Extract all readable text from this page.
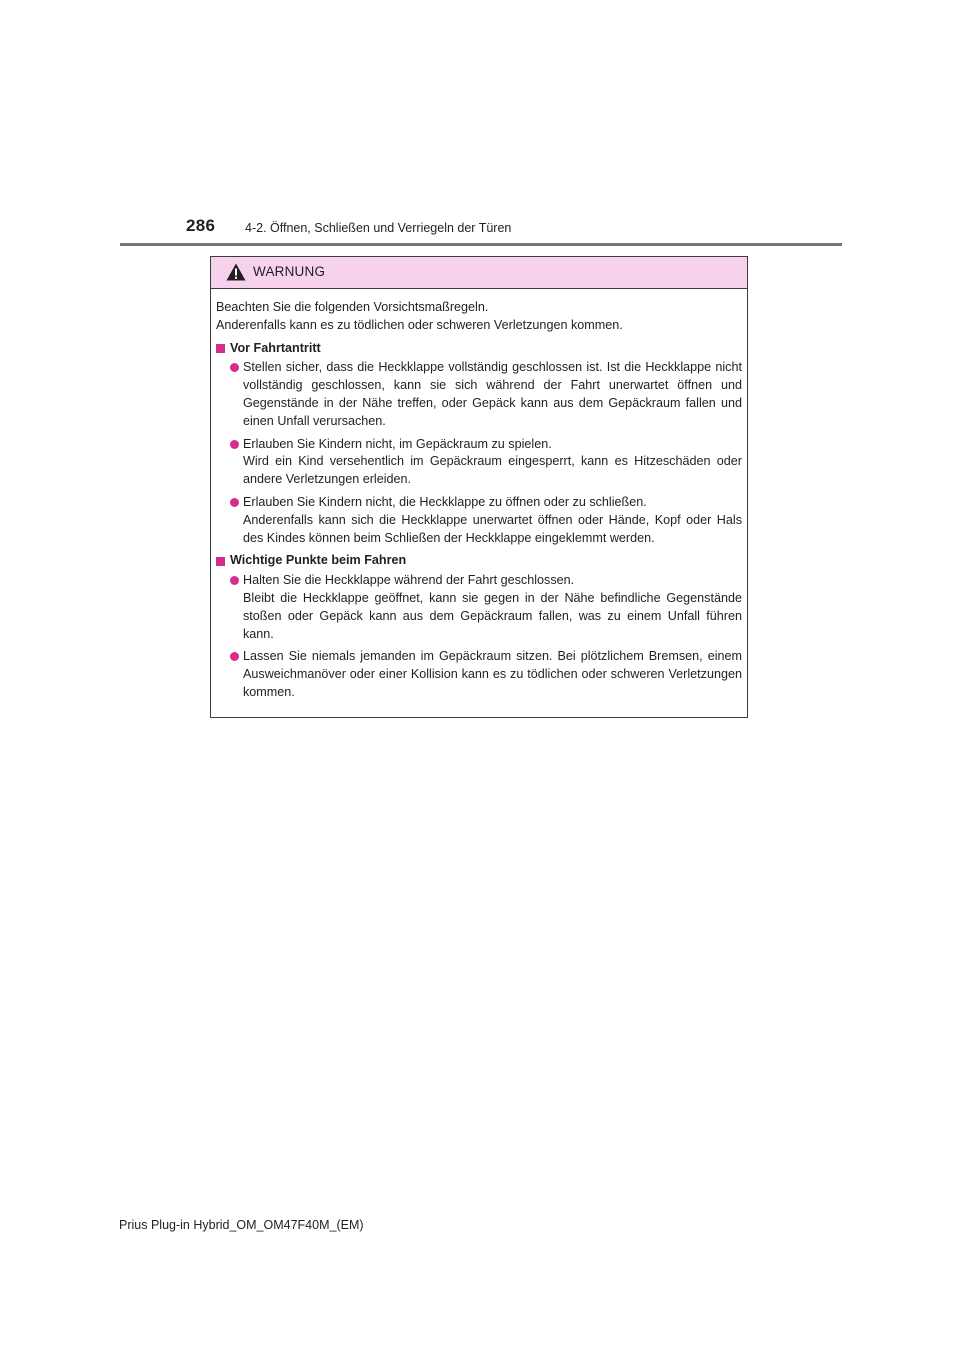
286 4-2. Öffnen, Schließen und Verriegeln der Türen
WARNUNG

Beachten Sie die folgenden Vorsichtsmaßregeln.

Anderenfalls kann es zu tödlichen oder schweren Verletzungen kommen.

Vor Fahrtantritt
Stellen sicher, dass die Heckklappe vollständig geschlossen ist. Ist die Heckklappe nicht vollständig geschlossen, kann sie sich während der Fahrt unerwartet öffnen und Gegenstände in der Nähe treffen, oder Gepäck kann aus dem Gepäckraum fallen und einen Unfall verursachen.
Erlauben Sie Kindern nicht, im Gepäckraum zu spielen.
Wird ein Kind versehentlich im Gepäckraum eingesperrt, kann es Hitzeschäden oder andere Verletzungen erleiden.
Erlauben Sie Kindern nicht, die Heckklappe zu öffnen oder zu schließen.
Anderenfalls kann sich die Heckklappe unerwartet öffnen oder Hände, Kopf oder Hals des Kindes können beim Schließen der Heckklappe eingeklemmt werden.
Wichtige Punkte beim Fahren
Halten Sie die Heckklappe während der Fahrt geschlossen.
Bleibt die Heckklappe geöffnet, kann sie gegen in der Nähe befindliche Gegenstände stoßen oder Gepäck kann aus dem Gepäckraum fallen, was zu einem Unfall führen kann.
Lassen Sie niemals jemanden im Gepäckraum sitzen. Bei plötzlichem Bremsen, einem Ausweichmanöver oder einer Kollision kann es zu tödlichen oder schweren Verletzungen kommen.
Prius Plug-in Hybrid_OM_OM47F40M_(EM)
